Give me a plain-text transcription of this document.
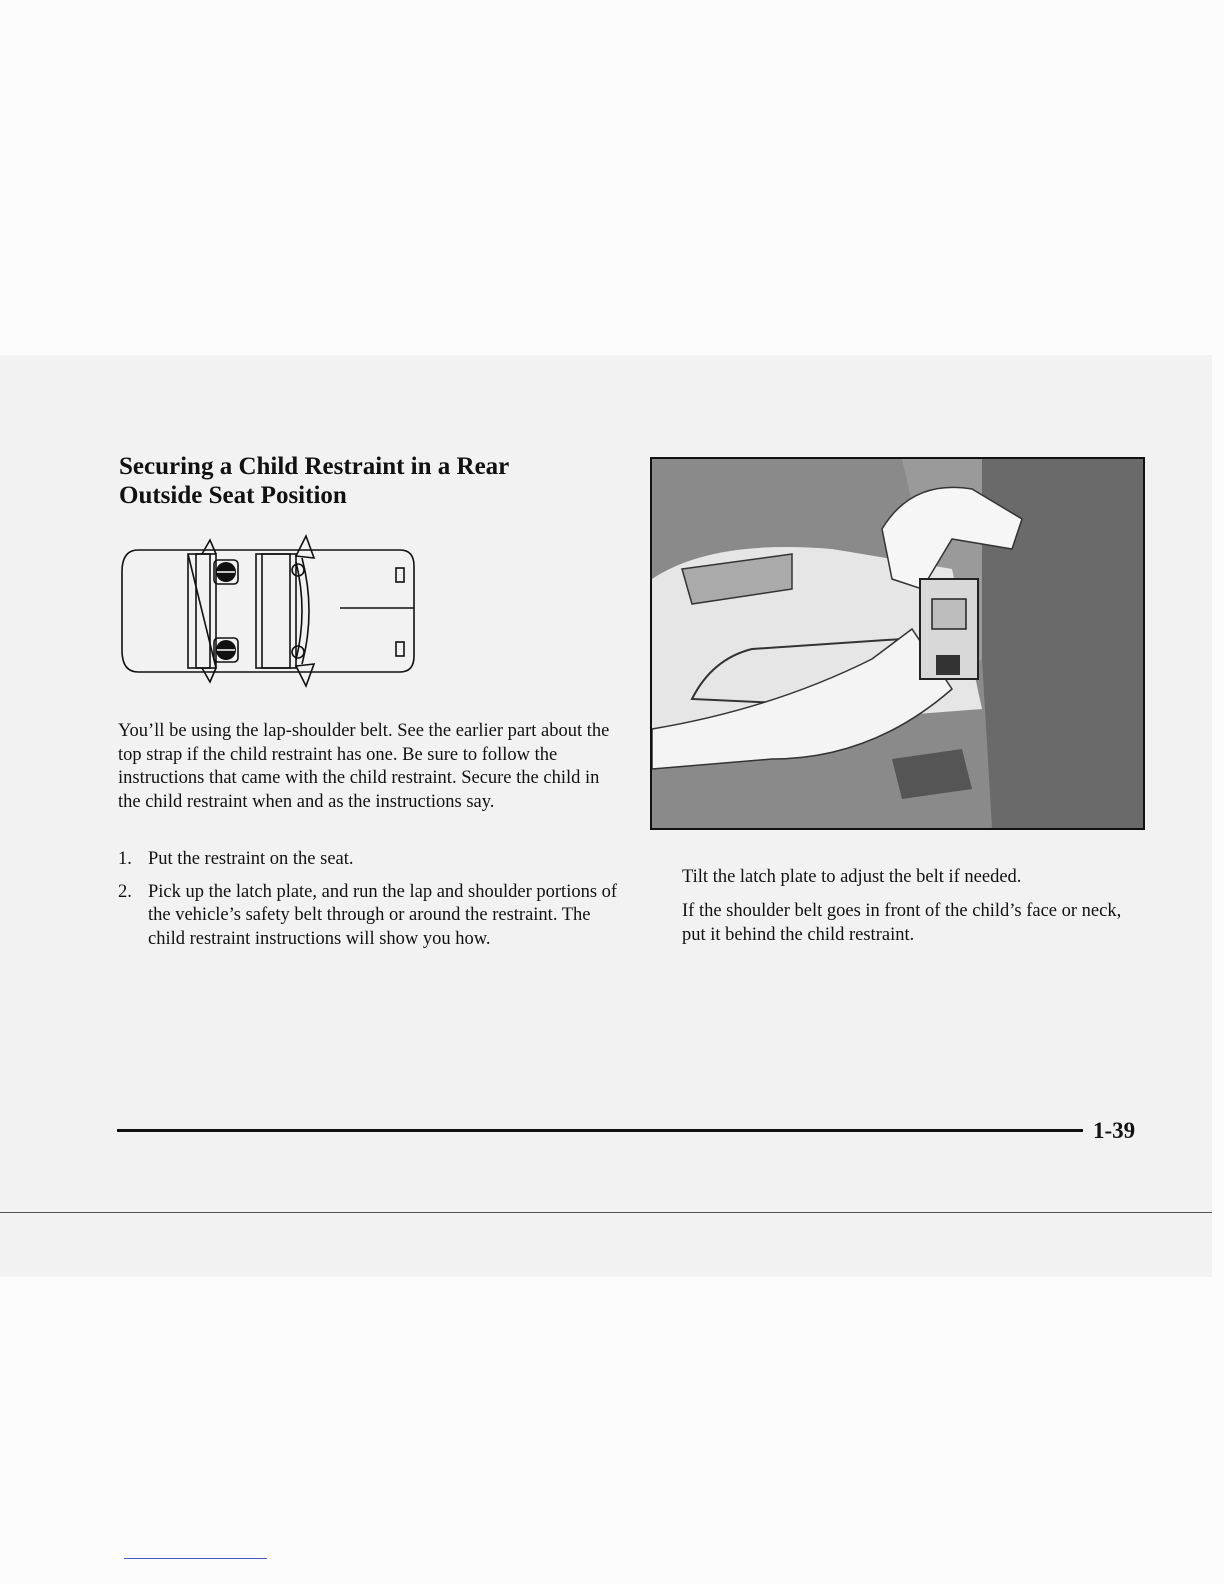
Securing a Child Restraint in a Rear
Outside Seat Position

You’ll be using the lap-shoulder belt. See the earlier part about the top strap if the child restraint has one. Be sure to follow the instructions that came with the child restraint. Secure the child in the child restraint when and as the instructions say.

1. Put the restraint on the seat.
2. Pick up the latch plate, and run the lap and shoulder portions of the vehicle’s safety belt through or around the restraint. The child restraint instructions will show you how.

Tilt the latch plate to adjust the belt if needed.

If the shoulder belt goes in front of the child’s face or neck, put it behind the child restraint.

1-39
